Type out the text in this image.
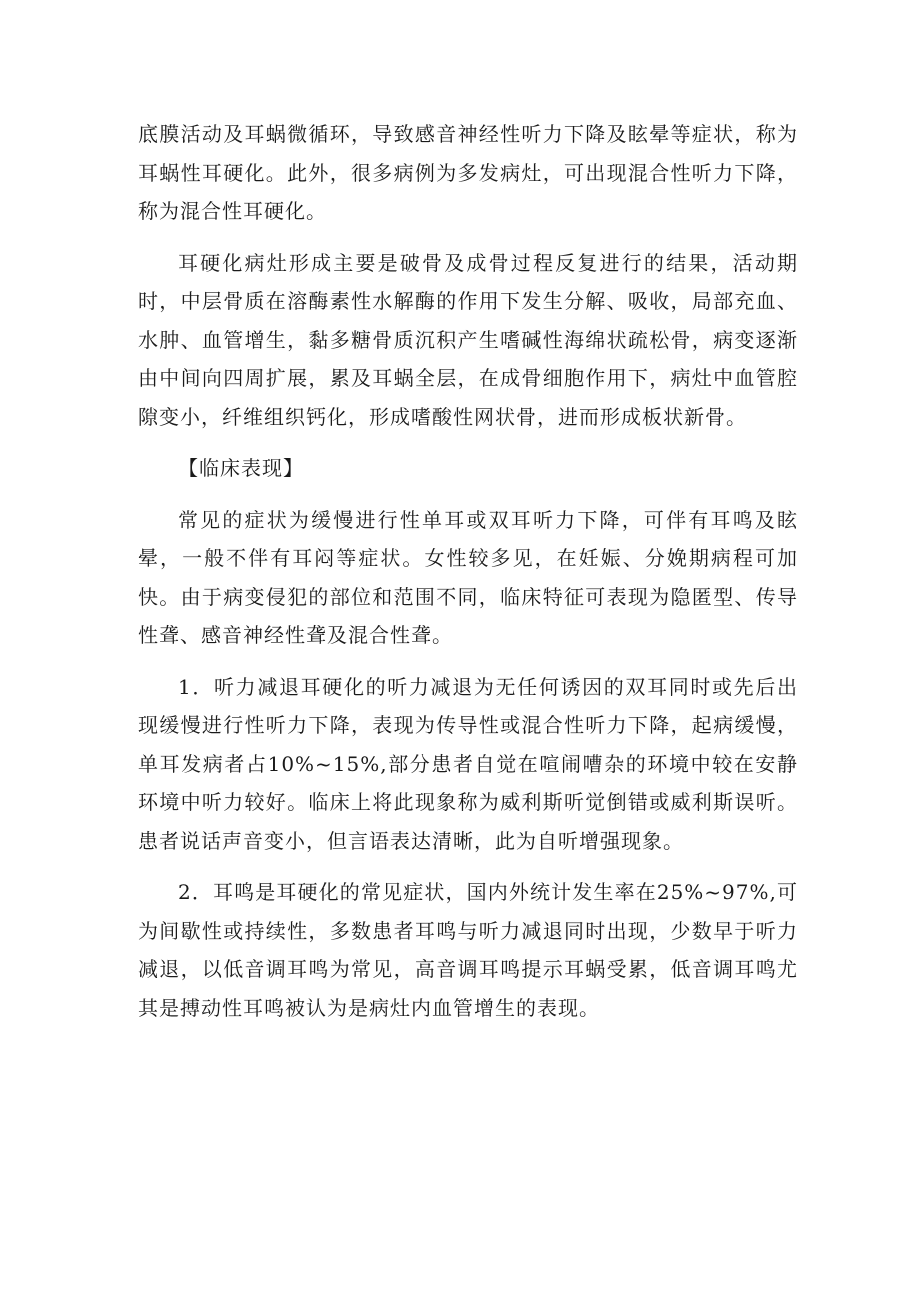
底膜活动及耳蜗微循环，导致感音神经性听力下降及眩晕等症状，称为耳蜗性耳硬化。此外，很多病例为多发病灶，可出现混合性听力下降，称为混合性耳硬化。

耳硬化病灶形成主要是破骨及成骨过程反复进行的结果，活动期时，中层骨质在溶酶素性水解酶的作用下发生分解、吸收，局部充血、水肿、血管增生，黏多糖骨质沉积产生嗜碱性海绵状疏松骨，病变逐渐由中间向四周扩展，累及耳蜗全层，在成骨细胞作用下，病灶中血管腔隙变小，纤维组织钙化，形成嗜酸性网状骨，进而形成板状新骨。

【临床表现】

常见的症状为缓慢进行性单耳或双耳听力下降，可伴有耳鸣及眩晕，一般不伴有耳闷等症状。女性较多见，在妊娠、分娩期病程可加快。由于病变侵犯的部位和范围不同，临床特征可表现为隐匿型、传导性聋、感音神经性聋及混合性聋。

1．听力减退耳硬化的听力减退为无任何诱因的双耳同时或先后出现缓慢进行性听力下降，表现为传导性或混合性听力下降，起病缓慢，单耳发病者占10%~15%,部分患者自觉在喧闹嘈杂的环境中较在安静环境中听力较好。临床上将此现象称为威利斯听觉倒错或威利斯误听。患者说话声音变小，但言语表达清晰，此为自听增强现象。

2．耳鸣是耳硬化的常见症状，国内外统计发生率在25%~97%,可为间歇性或持续性，多数患者耳鸣与听力减退同时出现，少数早于听力减退，以低音调耳鸣为常见，高音调耳鸣提示耳蜗受累，低音调耳鸣尤其是搏动性耳鸣被认为是病灶内血管增生的表现。
